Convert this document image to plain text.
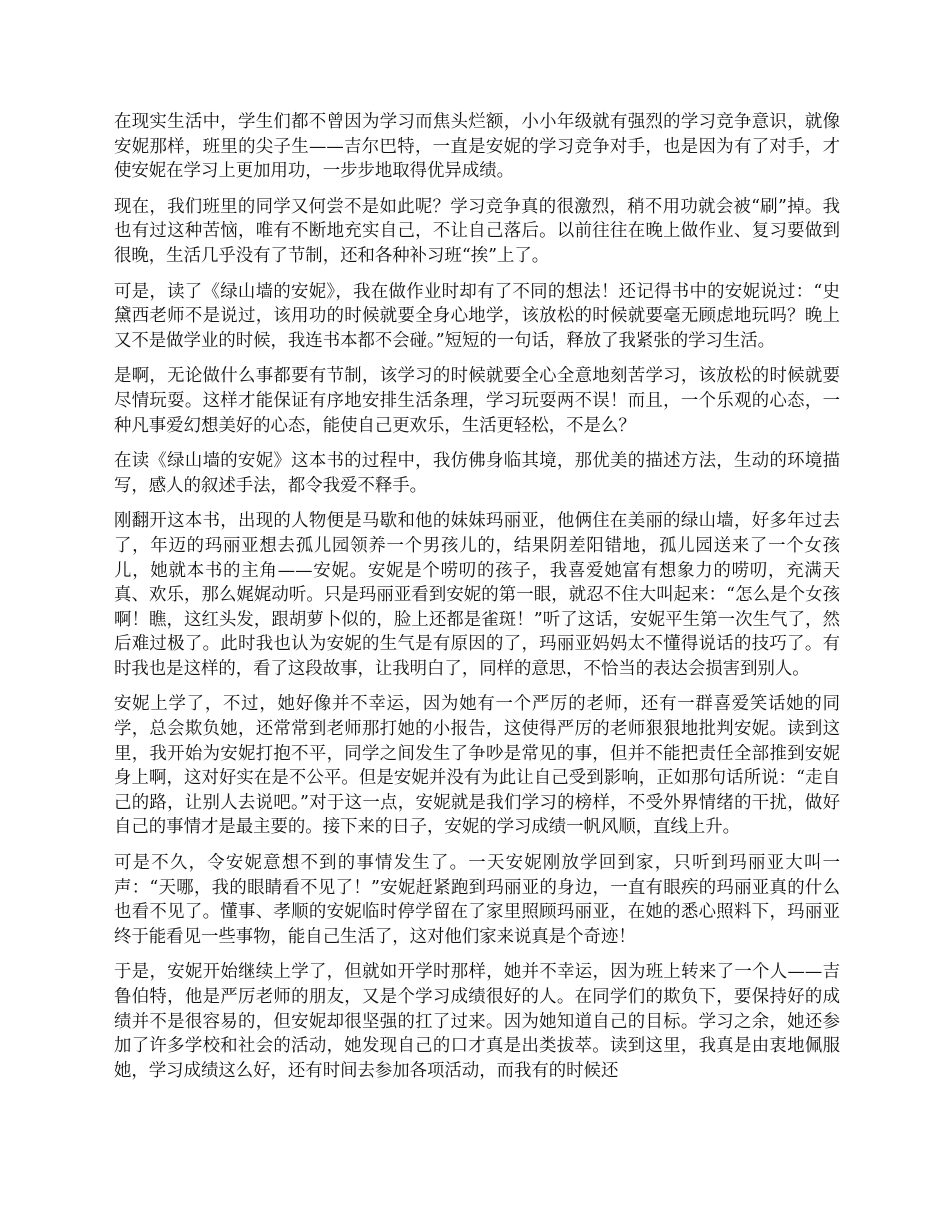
在现实生活中，学生们都不曾因为学习而焦头烂额，小小年级就有强烈的学习竞争意识，就像安妮那样，班里的尖子生——吉尔巴特，一直是安妮的学习竞争对手，也是因为有了对手，才使安妮在学习上更加用功，一步步地取得优异成绩。

现在，我们班里的同学又何尝不是如此呢？学习竞争真的很激烈，稍不用功就会被“刷”掉。我也有过这种苦恼，唯有不断地充实自己，不让自己落后。以前往往在晚上做作业、复习要做到很晚，生活几乎没有了节制，还和各种补习班“挨”上了。

可是，读了《绿山墙的安妮》，我在做作业时却有了不同的想法！还记得书中的安妮说过：“史黛西老师不是说过，该用功的时候就要全身心地学，该放松的时候就要毫无顾虑地玩吗？晚上又不是做学业的时候，我连书本都不会碰。”短短的一句话，释放了我紧张的学习生活。

是啊，无论做什么事都要有节制，该学习的时候就要全心全意地刻苦学习，该放松的时候就要尽情玩耍。这样才能保证有序地安排生活条理，学习玩耍两不误！而且，一个乐观的心态，一种凡事爱幻想美好的心态，能使自己更欢乐，生活更轻松，不是么？

在读《绿山墙的安妮》这本书的过程中，我仿佛身临其境，那优美的描述方法，生动的环境描写，感人的叙述手法，都令我爱不释手。

刚翻开这本书，出现的人物便是马歇和他的妹妹玛丽亚，他俩住在美丽的绿山墙，好多年过去了，年迈的玛丽亚想去孤儿园领养一个男孩儿的，结果阴差阳错地，孤儿园送来了一个女孩儿，她就本书的主角——安妮。安妮是个唠叨的孩子，我喜爱她富有想象力的唠叨，充满天真、欢乐，那么娓娓动听。只是玛丽亚看到安妮的第一眼，就忍不住大叫起来：“怎么是个女孩啊！瞧，这红头发，跟胡萝卜似的，脸上还都是雀斑！”听了这话，安妮平生第一次生气了，然后难过极了。此时我也认为安妮的生气是有原因的了，玛丽亚妈妈太不懂得说话的技巧了。有时我也是这样的，看了这段故事，让我明白了，同样的意思，不恰当的表达会损害到别人。

安妮上学了，不过，她好像并不幸运，因为她有一个严厉的老师，还有一群喜爱笑话她的同学，总会欺负她，还常常到老师那打她的小报告，这使得严厉的老师狠狠地批判安妮。读到这里，我开始为安妮打抱不平，同学之间发生了争吵是常见的事，但并不能把责任全部推到安妮身上啊，这对好实在是不公平。但是安妮并没有为此让自己受到影响，正如那句话所说：“走自己的路，让别人去说吧。”对于这一点，安妮就是我们学习的榜样，不受外界情绪的干扰，做好自己的事情才是最主要的。接下来的日子，安妮的学习成绩一帆风顺，直线上升。

可是不久，令安妮意想不到的事情发生了。一天安妮刚放学回到家，只听到玛丽亚大叫一声：“天哪，我的眼睛看不见了！”安妮赶紧跑到玛丽亚的身边，一直有眼疾的玛丽亚真的什么也看不见了。懂事、孝顺的安妮临时停学留在了家里照顾玛丽亚，在她的悉心照料下，玛丽亚终于能看见一些事物，能自己生活了，这对他们家来说真是个奇迹！

于是，安妮开始继续上学了，但就如开学时那样，她并不幸运，因为班上转来了一个人——吉鲁伯特，他是严厉老师的朋友，又是个学习成绩很好的人。在同学们的欺负下，要保持好的成绩并不是很容易的，但安妮却很坚强的扛了过来。因为她知道自己的目标。学习之余，她还参加了许多学校和社会的活动，她发现自己的口才真是出类拔萃。读到这里，我真是由衷地佩服她，学习成绩这么好，还有时间去参加各项活动，而我有的时候还
